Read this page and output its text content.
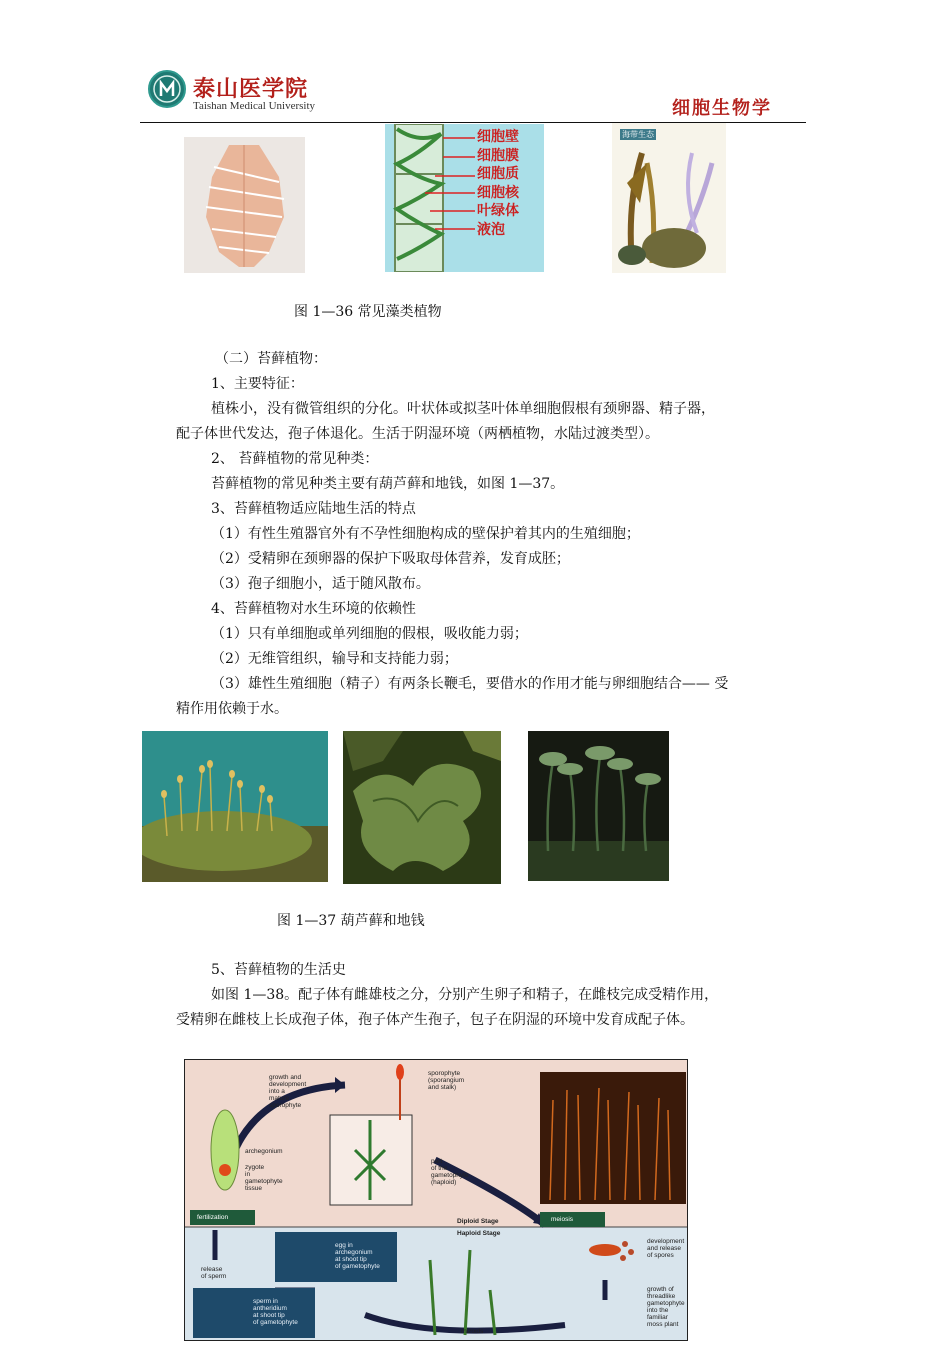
泰山医学院
Taishan Medical University	细胞生物学
细胞壁
细胞膜
细胞质
细胞核
叶绿体
液泡
海带生态
图 1—36 常见藻类植物
（二）苔藓植物：
1、主要特征：
植株小，没有微管组织的分化。叶状体或拟茎叶体单细胞假根有颈卵器、精子器，
配子体世代发达，孢子体退化。生活于阴湿环境（两栖植物，水陆过渡类型）。
2、 苔藓植物的常见种类：
苔藓植物的常见种类主要有葫芦藓和地钱，如图 1—37。
3、苔藓植物适应陆地生活的特点
（1）有性生殖器官外有不孕性细胞构成的壁保护着其内的生殖细胞；
（2）受精卵在颈卵器的保护下吸取母体营养，发育成胚；
（3）孢子细胞小，适于随风散布。
4、苔藓植物对水生环境的依赖性
（1）只有单细胞或单列细胞的假根，吸收能力弱；
（2）无维管组织，输导和支持能力弱；
（3）雄性生殖细胞（精子）有两条长鞭毛，要借水的作用才能与卵细胞结合—— 受
精作用依赖于水。
图 1—37 葫芦藓和地钱
5、苔藓植物的生活史
如图 1—38。配子体有雌雄枝之分，分别产生卵子和精子，在雌枝完成受精作用，
受精卵在雌枝上长成孢子体，孢子体产生孢子，包子在阴湿的环境中发育成配子体。
growth and
development
into a
mature
sporophyte
sporophyte
(sporangium
and stalk)
archegonium
zygote
in
gametophyte
tissue
part
of the
gametophyte
(haploid)
fertilization
Diploid Stage
Haploid Stage
meiosis
development
and release
of spores
release
of sperm
egg in
archegonium
at shoot tip
of gametophyte
sperm in
antheridium
at shoot tip
of gametophyte
growth of
threadlike
gametophyte
into the
familiar
moss plant
rhizoids
